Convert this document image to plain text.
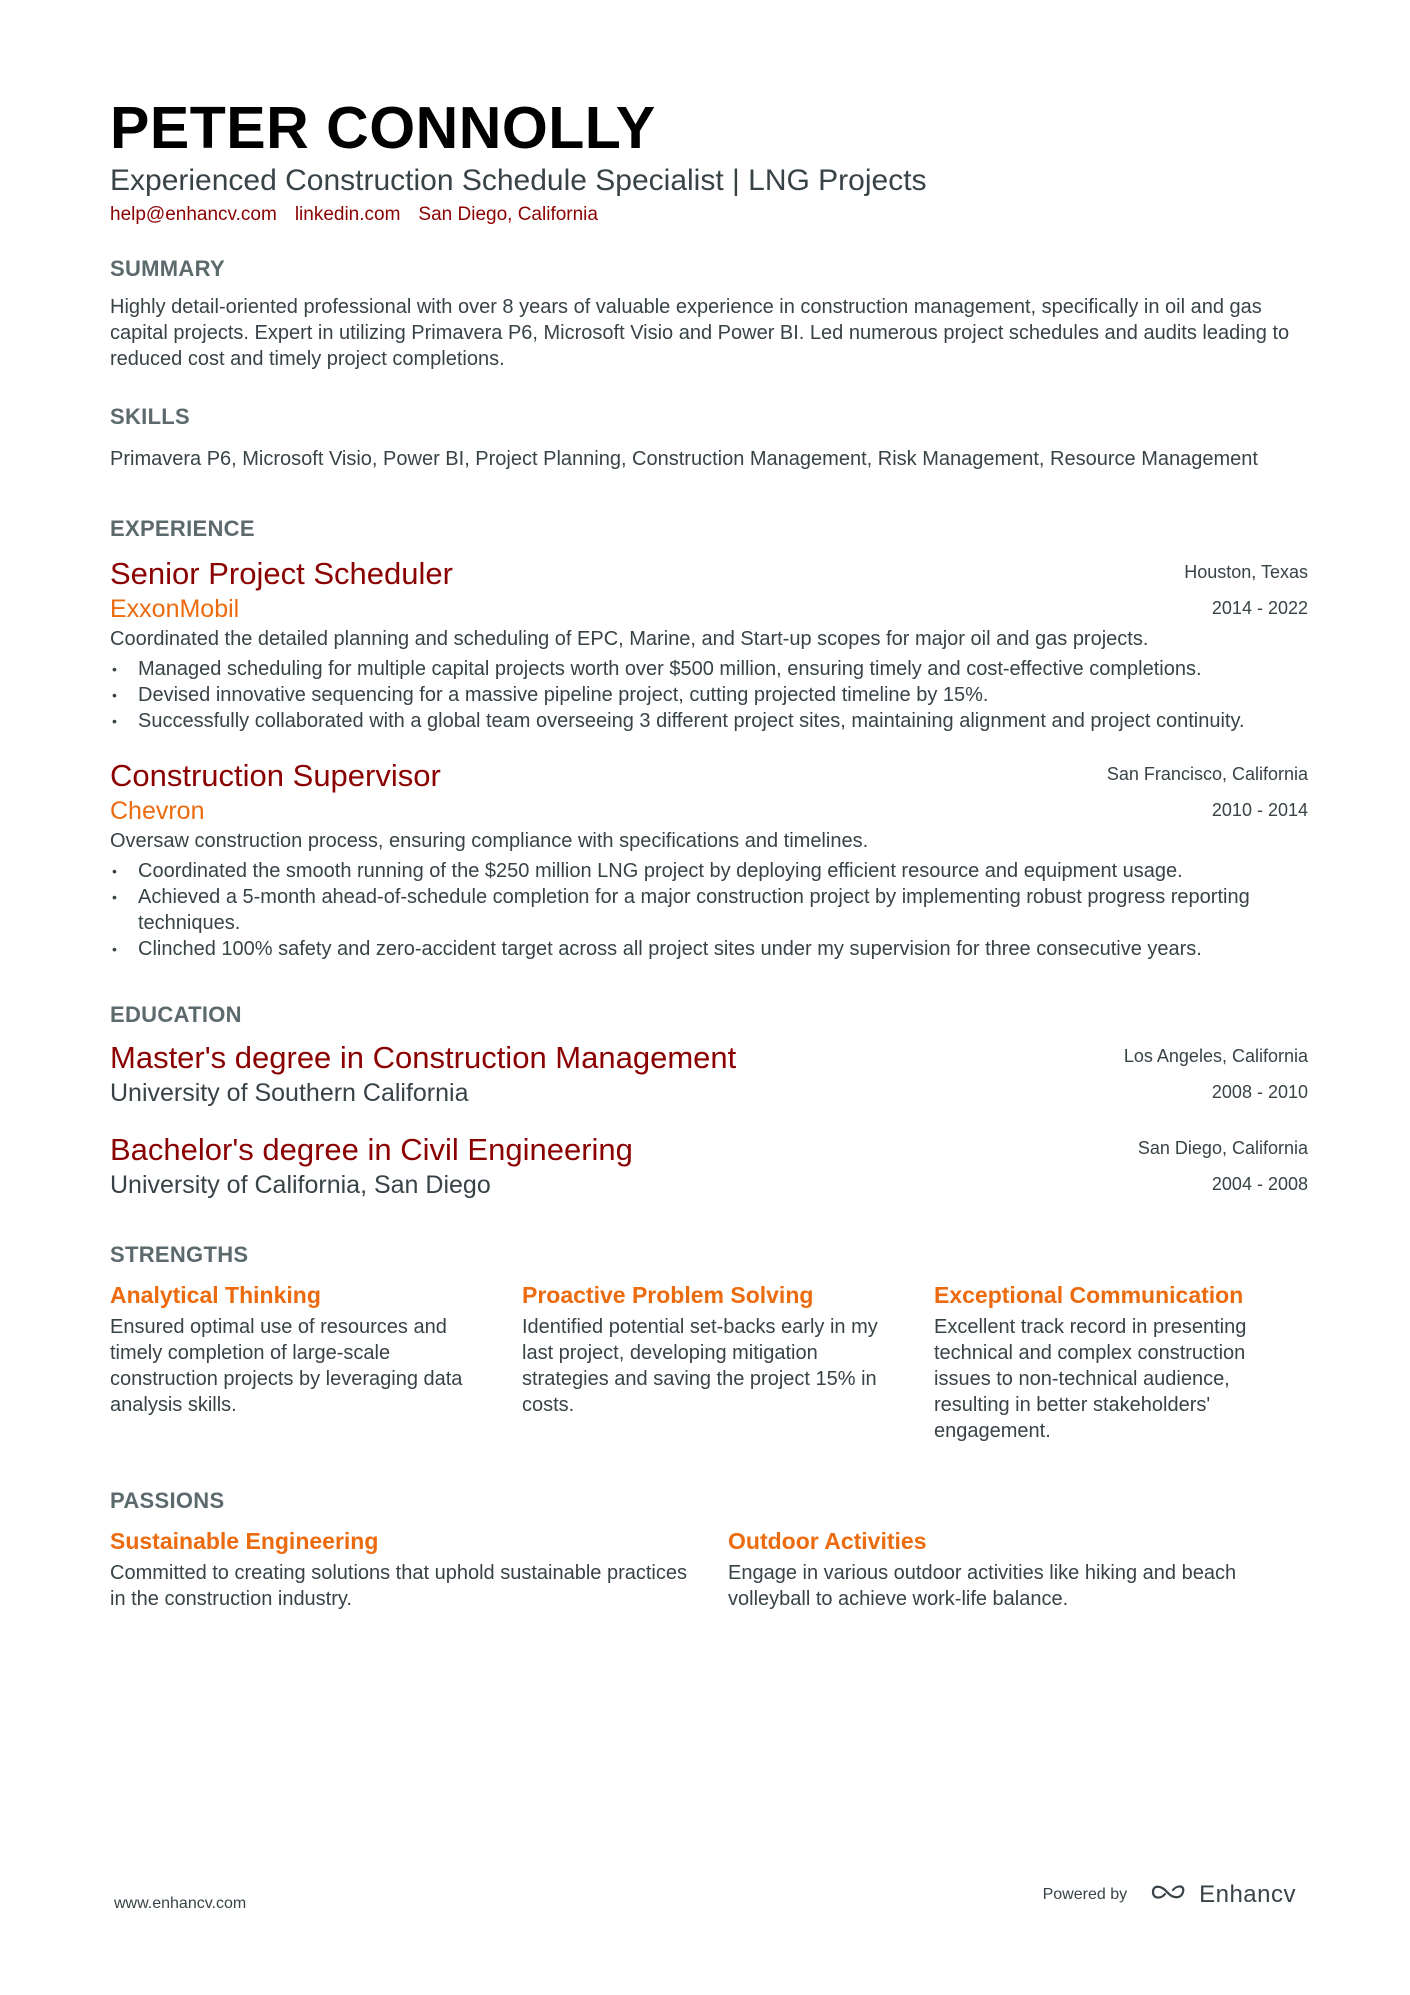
PETER CONNOLLY
Experienced Construction Schedule Specialist | LNG Projects
help@enhancv.com linkedin.com San Diego, California
SUMMARY
Highly detail-oriented professional with over 8 years of valuable experience in construction management, specifically in oil and gas capital projects. Expert in utilizing Primavera P6, Microsoft Visio and Power BI. Led numerous project schedules and audits leading to reduced cost and timely project completions.
SKILLS
Primavera P6, Microsoft Visio, Power BI, Project Planning, Construction Management, Risk Management, Resource Management
EXPERIENCE
Senior Project Scheduler
ExxonMobil
Houston, Texas
2014 - 2022
Coordinated the detailed planning and scheduling of EPC, Marine, and Start-up scopes for major oil and gas projects.
• Managed scheduling for multiple capital projects worth over $500 million, ensuring timely and cost-effective completions.
• Devised innovative sequencing for a massive pipeline project, cutting projected timeline by 15%.
• Successfully collaborated with a global team overseeing 3 different project sites, maintaining alignment and project continuity.
Construction Supervisor
Chevron
San Francisco, California
2010 - 2014
Oversaw construction process, ensuring compliance with specifications and timelines.
• Coordinated the smooth running of the $250 million LNG project by deploying efficient resource and equipment usage.
• Achieved a 5-month ahead-of-schedule completion for a major construction project by implementing robust progress reporting techniques.
• Clinched 100% safety and zero-accident target across all project sites under my supervision for three consecutive years.
EDUCATION
Master's degree in Construction Management
University of Southern California
Los Angeles, California
2008 - 2010
Bachelor's degree in Civil Engineering
University of California, San Diego
San Diego, California
2004 - 2008
STRENGTHS
Analytical Thinking
Ensured optimal use of resources and timely completion of large-scale construction projects by leveraging data analysis skills.
Proactive Problem Solving
Identified potential set-backs early in my last project, developing mitigation strategies and saving the project 15% in costs.
Exceptional Communication
Excellent track record in presenting technical and complex construction issues to non-technical audience, resulting in better stakeholders' engagement.
PASSIONS
Sustainable Engineering
Committed to creating solutions that uphold sustainable practices in the construction industry.
Outdoor Activities
Engage in various outdoor activities like hiking and beach volleyball to achieve work-life balance.
www.enhancv.com
Powered by	Enhancv
